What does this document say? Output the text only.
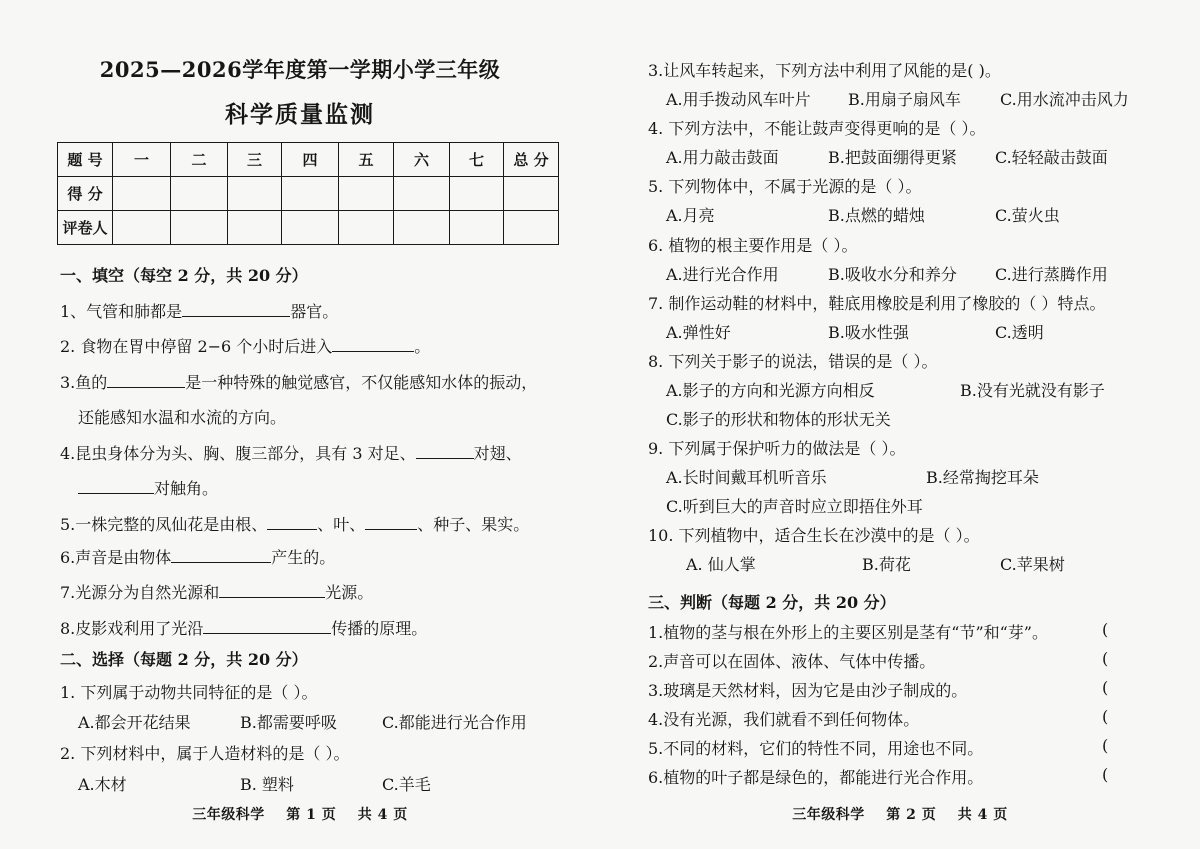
2025—2026学年度第一学期小学三年级
科学质量监测
题 号	一	二	三	四	五	六	七	总 分
得 分								
评卷人								
一、填空（每空 2 分，共 20 分）
1、气管和肺都是	器官。
2. 食物在胃中停留 2−6 个小时后进入	。
3.鱼的	是一种特殊的触觉感官，不仅能感知水体的振动，
还能感知水温和水流的方向。
4.昆虫身体分为头、胸、腹三部分，具有 3 对足、	对翅、
对触角。
5.一株完整的凤仙花是由根、	、叶、	、种子、果实。
6.声音是由物体	产生的。
7.光源分为自然光源和	光源。
8.皮影戏利用了光沿	传播的原理。
二、选择（每题 2 分，共 20 分）
1. 下列属于动物共同特征的是（ ）。
A.都会开花结果	B.都需要呼吸	C.都能进行光合作用
2. 下列材料中，属于人造材料的是（ ）。
A.木材	B. 塑料	C.羊毛
三年级科学    第 1 页    共 4 页
3.让风车转起来，下列方法中利用了风能的是( )。
A.用手拨动风车叶片 B.用扇子扇风车 C.用水流冲击风力
4. 下列方法中，不能让鼓声变得更响的是（ ）。
A.用力敲击鼓面	B.把鼓面绷得更紧 C.轻轻敲击鼓面
5. 下列物体中，不属于光源的是（ ）。
A.月亮	B.点燃的蜡烛	C.萤火虫
6. 植物的根主要作用是（ ）。
A.进行光合作用	B.吸收水分和养分 C.进行蒸腾作用
7. 制作运动鞋的材料中，鞋底用橡胶是利用了橡胶的（ ）特点。
A.弹性好	B.吸水性强	C.透明
8. 下列关于影子的说法，错误的是（ ）。
A.影子的方向和光源方向相反	B.没有光就没有影子
C.影子的形状和物体的形状无关
9. 下列属于保护听力的做法是（ ）。
A.长时间戴耳机听音乐	B.经常掏挖耳朵
C.听到巨大的声音时应立即捂住外耳
10. 下列植物中，适合生长在沙漠中的是（ ）。
A. 仙人掌	B.荷花	C.苹果树
三、判断（每题 2 分，共 20 分）
1.植物的茎与根在外形上的主要区别是茎有“节”和“芽”。	(
2.声音可以在固体、液体、气体中传播。	(
3.玻璃是天然材料，因为它是由沙子制成的。	(
4.没有光源，我们就看不到任何物体。	(
5.不同的材料，它们的特性不同，用途也不同。	(
6.植物的叶子都是绿色的，都能进行光合作用。	(
三年级科学    第 2 页    共 4 页
